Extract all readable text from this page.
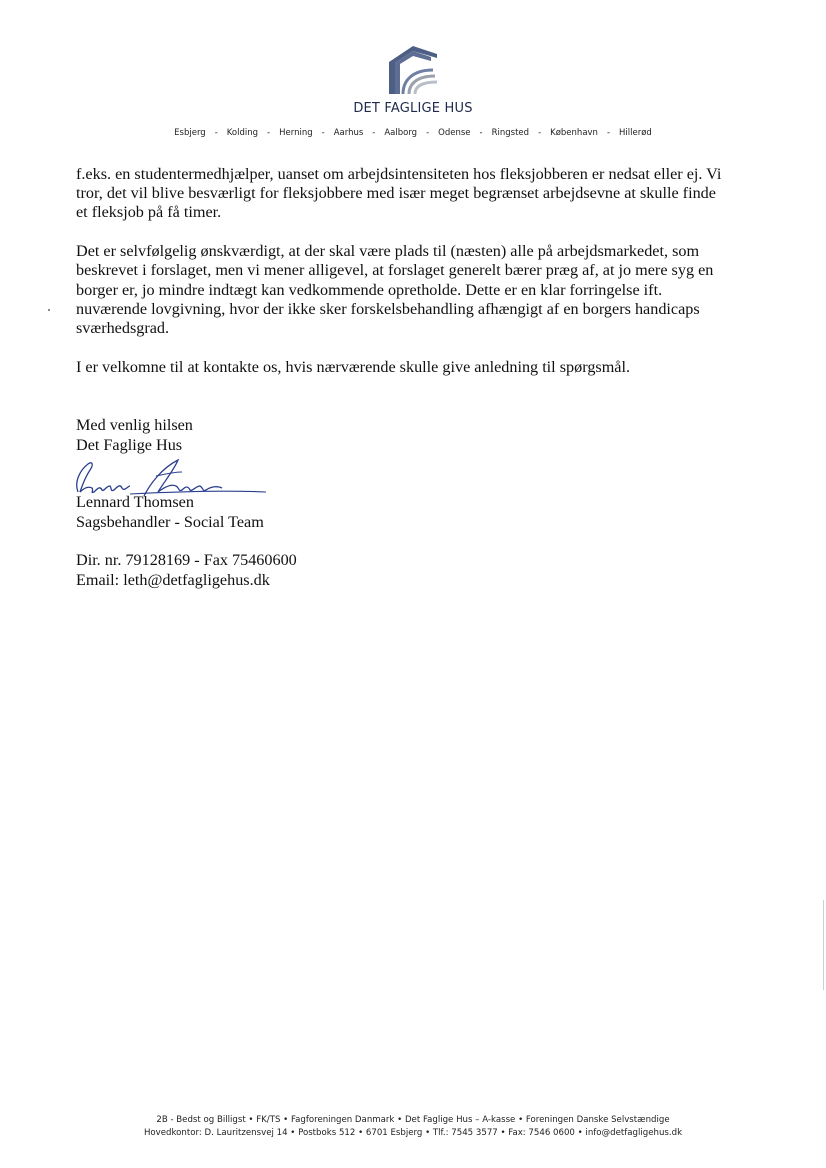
DET FAGLIGE HUS
Esbjerg - Kolding - Herning - Aarhus - Aalborg - Odense - Ringsted - København - Hillerød

f.eks. en studentermedhjælper, uanset om arbejdsintensiteten hos fleksjobberen er nedsat eller ej. Vi
tror, det vil blive besværligt for fleksjobbere med især meget begrænset arbejdsevne at skulle finde
et fleksjob på få timer.

Det er selvfølgelig ønskværdigt, at der skal være plads til (næsten) alle på arbejdsmarkedet, som
beskrevet i forslaget, men vi mener alligevel, at forslaget generelt bærer præg af, at jo mere syg en
borger er, jo mindre indtægt kan vedkommende opretholde. Dette er en klar forringelse ift.
nuværende lovgivning, hvor der ikke sker forskelsbehandling afhængigt af en borgers handicaps
sværhedsgrad.

I er velkomne til at kontakte os, hvis nærværende skulle give anledning til spørgsmål.

Med venlig hilsen
Det Faglige Hus
Lennard Thomsen
Sagsbehandler - Social Team
Dir. nr. 79128169 - Fax 75460600
Email: leth@detfagligehus.dk
2B - Bedst og Billigst • FK/TS • Fagforeningen Danmark • Det Faglige Hus – A-kasse • Foreningen Danske Selvstændige
Hovedkontor: D. Lauritzensvej 14 • Postboks 512 • 6701 Esbjerg • Tlf.: 7545 3577 • Fax: 7546 0600 • info@detfagligehus.dk
